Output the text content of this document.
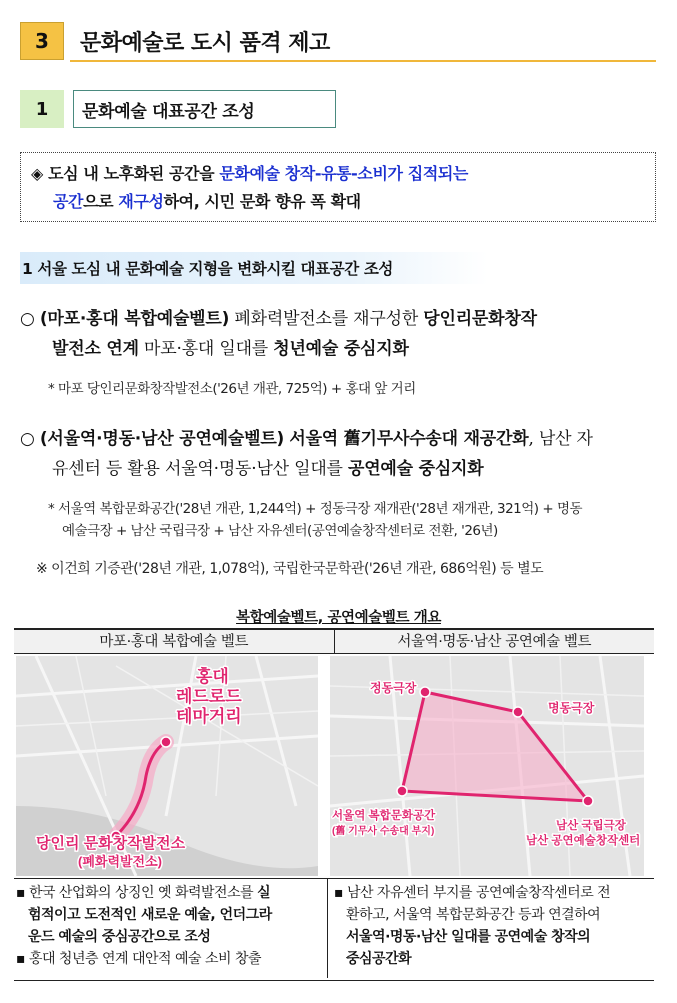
3	문화예술로 도시 품격 제고
1	문화예술 대표공간 조성
◈ 도심 내 노후화된 공간을 문화예술 창작-유통-소비가 집적되는
공간으로 재구성하여, 시민 문화 향유 폭 확대
1 서울 도심 내 문화예술 지형을 변화시킬 대표공간 조성
○ (마포·홍대 복합예술벨트) 폐화력발전소를 재구성한 당인리문화창작
발전소 연계 마포·홍대 일대를 청년예술 중심지화
* 마포 당인리문화창작발전소('26년 개관, 725억) + 홍대 앞 거리
○ (서울역·명동·남산 공연예술벨트) 서울역 舊기무사수송대 재공간화, 남산 자
유센터 등 활용 서울역·명동·남산 일대를 공연예술 중심지화
* 서울역 복합문화공간('28년 개관, 1,244억) + 정동극장 재개관('28년 재개관, 321억) + 명동
예술극장 + 남산 국립극장 + 남산 자유센터(공연예술창작센터로 전환, '26년)
※ 이건희 기증관('28년 개관, 1,078억), 국립한국문학관('26년 개관, 686억원) 등 별도
복합예술벨트, 공연예술벨트 개요
마포·홍대 복합예술 벨트	서울역·명동·남산 공연예술 벨트
홍대
레드로드
테마거리
당인리 문화창작발전소
(폐화력발전소)
정동극장
명동극장
서울역 복합문화공간
(舊 기무사 수송대 부지)	남산 국립극장
남산 공연예술창작센터
▪ 한국 산업화의 상징인 옛 화력발전소를 실
험적이고 도전적인 새로운 예술, 언더그라
운드 예술의 중심공간으로 조성
▪ 홍대 청년층 연계 대안적 예술 소비 창출
▪ 남산 자유센터 부지를 공연예술창작센터로 전
환하고, 서울역 복합문화공간 등과 연결하여
서울역·명동·남산 일대를 공연예술 창작의
중심공간화
